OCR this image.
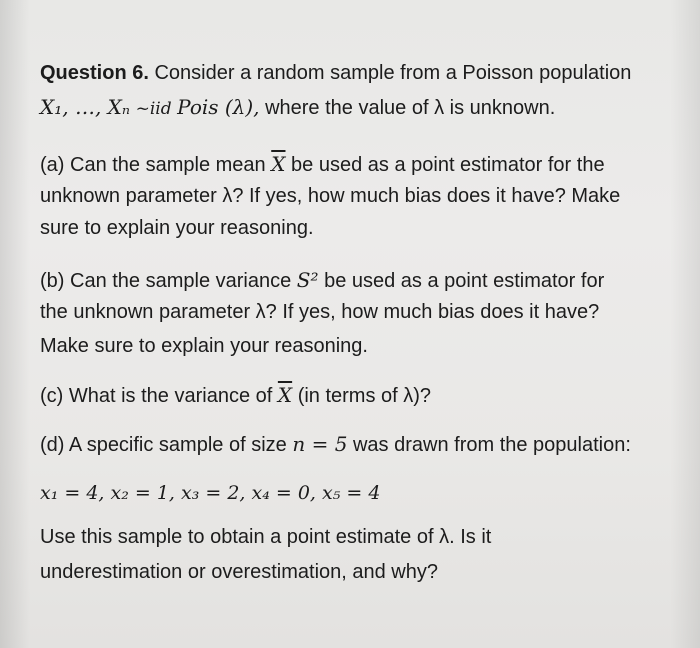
Question 6. Consider a random sample from a Poisson population
X₁, …, Xₙ ~iid Pois (λ), where the value of λ is unknown.
(a) Can the sample mean $\overline{X}$ be used as a point estimator for the
unknown parameter λ? If yes, how much bias does it have? Make
sure to explain your reasoning.
(b) Can the sample variance S² be used as a point estimator for
the unknown parameter λ? If yes, how much bias does it have?
Make sure to explain your reasoning.
(c) What is the variance of $\overline{X}$ (in terms of λ)?
(d) A specific sample of size n = 5 was drawn from the population:
x₁ = 4, x₂ = 1, x₃ = 2, x₄ = 0, x₅ = 4
Use this sample to obtain a point estimate of λ. Is it
underestimation or overestimation, and why?
